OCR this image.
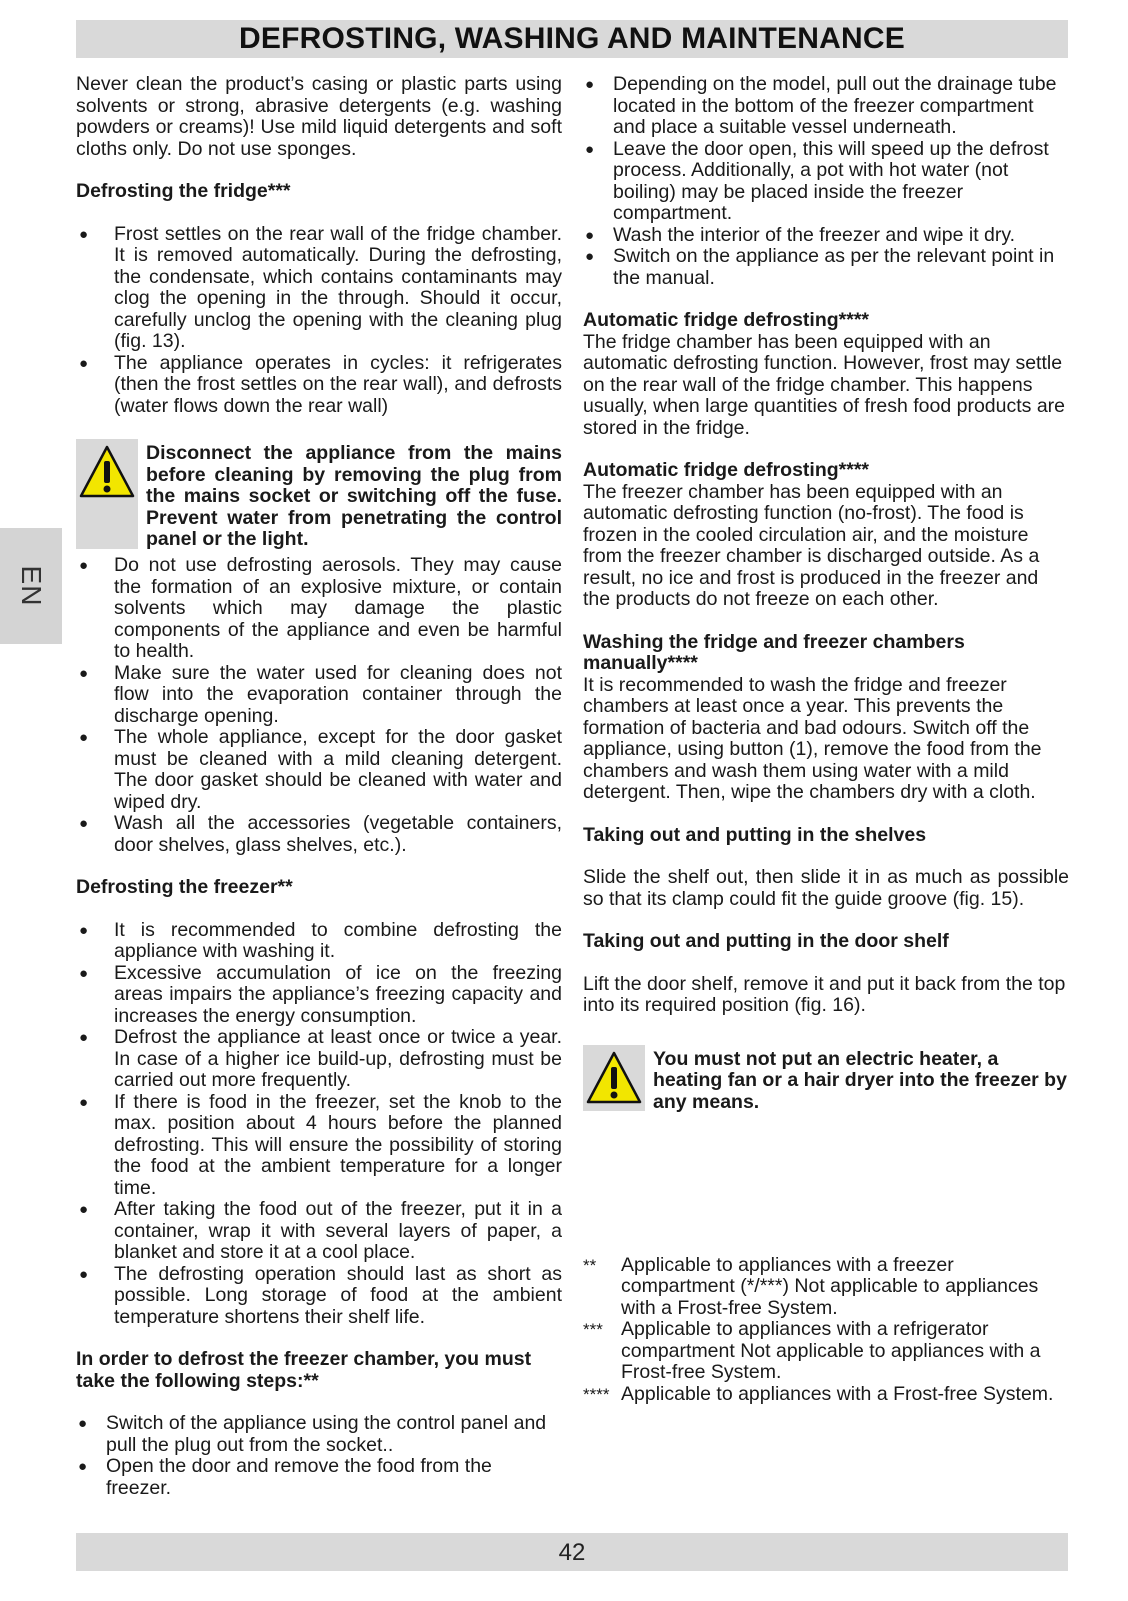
DEFROSTING, WASHING AND MAINTENANCE
EN

Never clean the product’s casing or plastic parts using solvents or strong, abrasive detergents (e.g. washing powders or creams)! Use mild liquid detergents and soft cloths only. Do not use sponges.

Defrosting the fridge***

● Frost settles on the rear wall of the fridge chamber. It is removed automatically. During the defrosting, the condensate, which contains contaminants may clog the opening in the through. Should it occur, carefully unclog the opening with the cleaning plug (fig. 13).
● The appliance operates in cycles: it refrigerates (then the frost settles on the rear wall), and defrosts (water flows down the rear wall)
Disconnect the appliance from the mains before cleaning by removing the plug from the mains socket or switching off the fuse. Prevent water from penetrating the control panel or the light.
● Do not use defrosting aerosols. They may cause the formation of an explosive mixture, or contain solvents which may damage the plastic components of the appliance and even be harmful to health.
● Make sure the water used for cleaning does not flow into the evaporation container through the discharge opening.
● The whole appliance, except for the door gasket must be cleaned with a mild cleaning detergent. The door gasket should be cleaned with water and wiped dry.
● Wash all the accessories (vegetable containers, door shelves, glass shelves, etc.).

Defrosting the freezer**

● It is recommended to combine defrosting the appliance with washing it.
● Excessive accumulation of ice on the freezing areas impairs the appliance’s freezing capacity and increases the energy consumption.
● Defrost the appliance at least once or twice a year. In case of a higher ice build-up, defrosting must be carried out more frequently.
● If there is food in the freezer, set the knob to the max. position about 4 hours before the planned defrosting. This will ensure the possibility of storing the food at the ambient temperature for a longer time.
● After taking the food out of the freezer, put it in a container, wrap it with several layers of paper, a blanket and store it at a cool place.
● The defrosting operation should last as short as possible. Long storage of food at the ambient temperature shortens their shelf life.

In order to defrost the freezer chamber, you must take the following steps:**

● Switch of the appliance using the control panel and pull the plug out from the socket..
● Open the door and remove the food from the freezer.
● Depending on the model, pull out the drainage tube located in the bottom of the freezer compartment and place a suitable vessel underneath.
● Leave the door open, this will speed up the defrost process. Additionally, a pot with hot water (not boiling) may be placed inside the freezer compartment.
● Wash the interior of the freezer and wipe it dry.
● Switch on the appliance as per the relevant point in the manual.

Automatic fridge defrosting****

The fridge chamber has been equipped with an automatic defrosting function. However, frost may settle on the rear wall of the fridge chamber. This happens usually, when large quantities of fresh food products are stored in the fridge.

Automatic fridge defrosting****

The freezer chamber has been equipped with an automatic defrosting function (no-frost). The food is frozen in the cooled circulation air, and the moisture from the freezer chamber is discharged outside. As a result, no ice and frost is produced in the freezer and the products do not freeze on each other.

Washing the fridge and freezer chambers manually****

It is recommended to wash the fridge and freezer chambers at least once a year. This prevents the formation of bacteria and bad odours. Switch off the appliance, using button (1), remove the food from the chambers and wash them using water with a mild detergent. Then, wipe the chambers dry with a cloth.

Taking out and putting in the shelves

Slide the shelf out, then slide it in as much as possible so that its clamp could fit the guide groove (fig. 15).

Taking out and putting in the door shelf

Lift the door shelf, remove it and put it back from the top into its required position (fig. 16).

You must not put an electric heater, a heating fan or a hair dryer into the freezer by any means.
** Applicable to appliances with a freezer compartment (*/***) Not applicable to appliances with a Frost-free System.
*** Applicable to appliances with a refrigerator compartment Not applicable to appliances with a Frost-free System.
**** Applicable to appliances with a Frost-free System.
42
